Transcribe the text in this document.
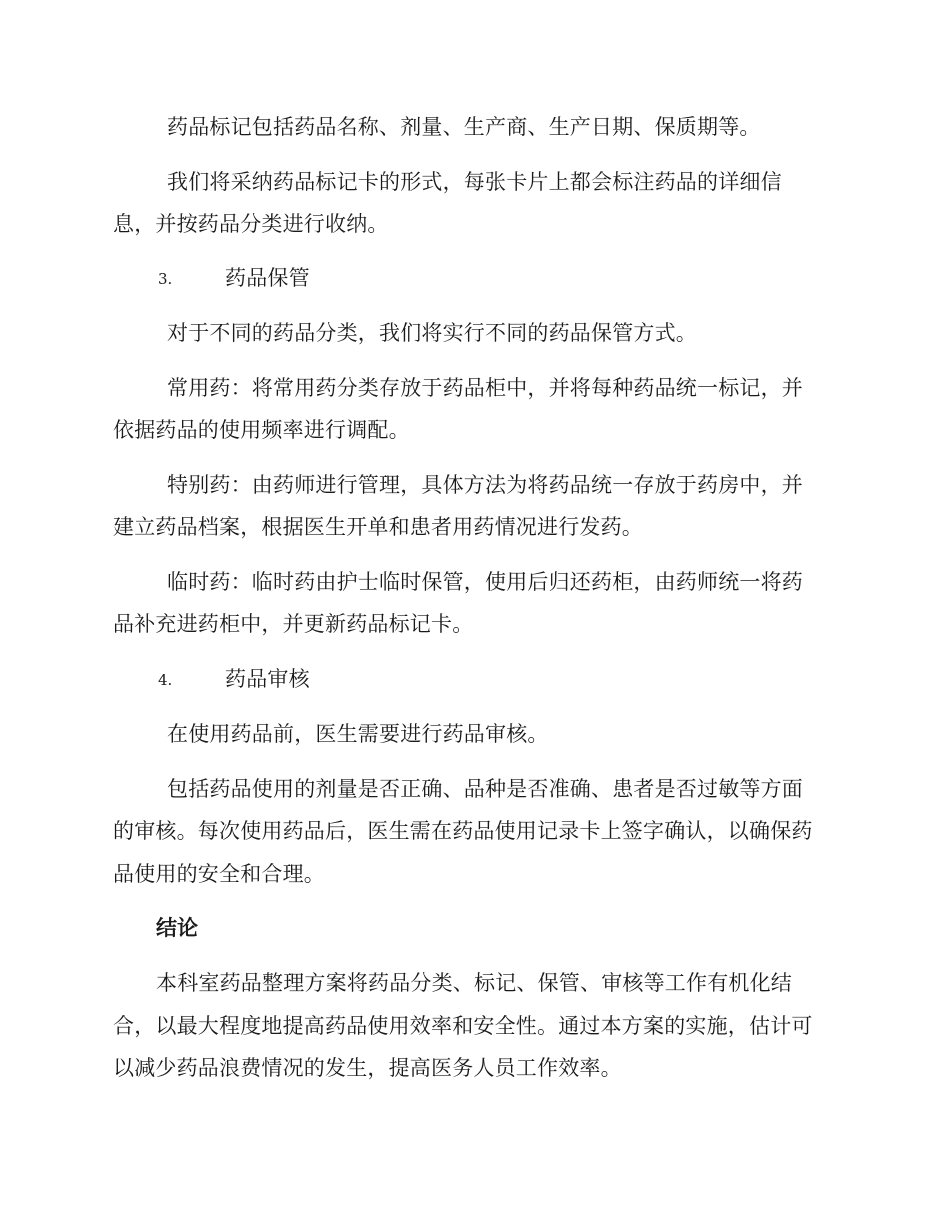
药品标记包括药品名称、剂量、生产商、生产日期、保质期等。
我们将采纳药品标记卡的形式，每张卡片上都会标注药品的详细信
息，并按药品分类进行收纳。
3.	药品保管
对于不同的药品分类，我们将实行不同的药品保管方式。
常用药：将常用药分类存放于药品柜中，并将每种药品统一标记，并
依据药品的使用频率进行调配。
特别药：由药师进行管理，具体方法为将药品统一存放于药房中，并
建立药品档案，根据医生开单和患者用药情况进行发药。
临时药：临时药由护士临时保管，使用后归还药柜，由药师统一将药
品补充进药柜中，并更新药品标记卡。
4.	药品审核
在使用药品前，医生需要进行药品审核。
包括药品使用的剂量是否正确、品种是否准确、患者是否过敏等方面
的审核。每次使用药品后，医生需在药品使用记录卡上签字确认，以确保药
品使用的安全和合理。
结论
本科室药品整理方案将药品分类、标记、保管、审核等工作有机化结
合，以最大程度地提高药品使用效率和安全性。通过本方案的实施，估计可
以减少药品浪费情况的发生，提高医务人员工作效率。
